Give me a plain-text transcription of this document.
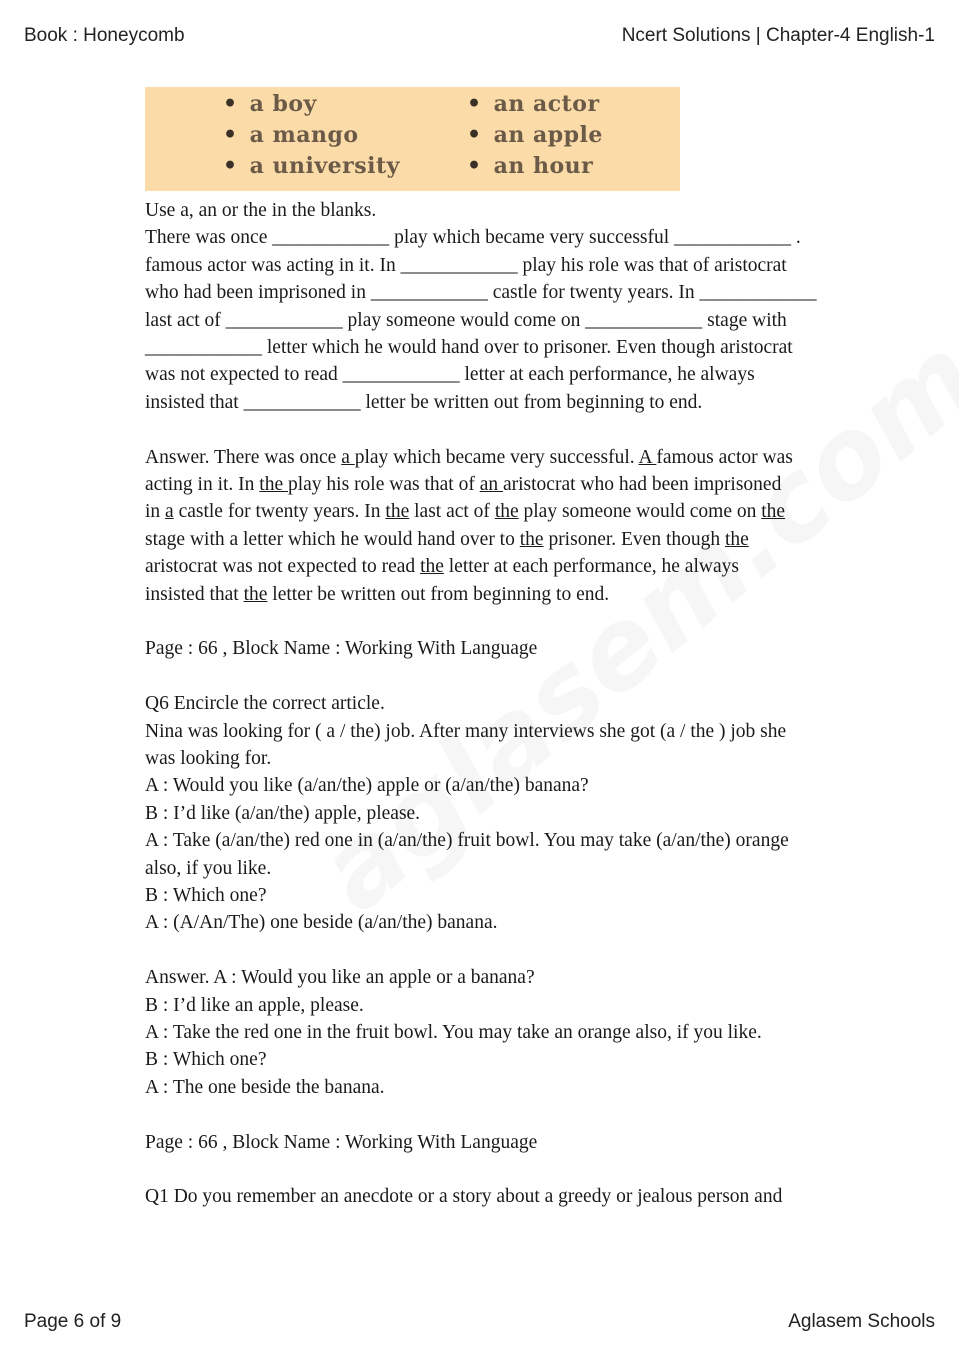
Book : Honeycomb	Ncert Solutions | Chapter-4 English-1
• a boy
• a mango
• a university
• an actor
• an apple
• an hour
Use a, an or the in the blanks.
There was once ____________ play which became very successful ____________ .
famous actor was acting in it. In ____________ play his role was that of aristocrat
who had been imprisoned in ____________ castle for twenty years. In ____________
last act of ____________ play someone would come on ____________ stage with
____________ letter which he would hand over to prisoner. Even though aristocrat
was not expected to read ____________ letter at each performance, he always
insisted that ____________ letter be written out from beginning to end.
Answer. There was once a play which became very successful. A famous actor was
acting in it. In the play his role was that of an aristocrat who had been imprisoned
in a castle for twenty years. In the last act of the play someone would come on the
stage with a letter which he would hand over to the prisoner. Even though the
aristocrat was not expected to read the letter at each performance, he always
insisted that the letter be written out from beginning to end.
Page : 66 , Block Name : Working With Language
Q6 Encircle the correct article.
Nina was looking for ( a / the) job. After many interviews she got (a / the ) job she
was looking for.
A : Would you like (a/an/the) apple or (a/an/the) banana?
B : I’d like (a/an/the) apple, please.
A : Take (a/an/the) red one in (a/an/the) fruit bowl. You may take (a/an/the) orange
also, if you like.
B : Which one?
A : (A/An/The) one beside (a/an/the) banana.
Answer. A : Would you like an apple or a banana?
B : I’d like an apple, please.
A : Take the red one in the fruit bowl. You may take an orange also, if you like.
B : Which one?
A : The one beside the banana.
Page : 66 , Block Name : Working With Language
Q1 Do you remember an anecdote or a story about a greedy or jealous person and
Page 6 of 9	Aglasem Schools
